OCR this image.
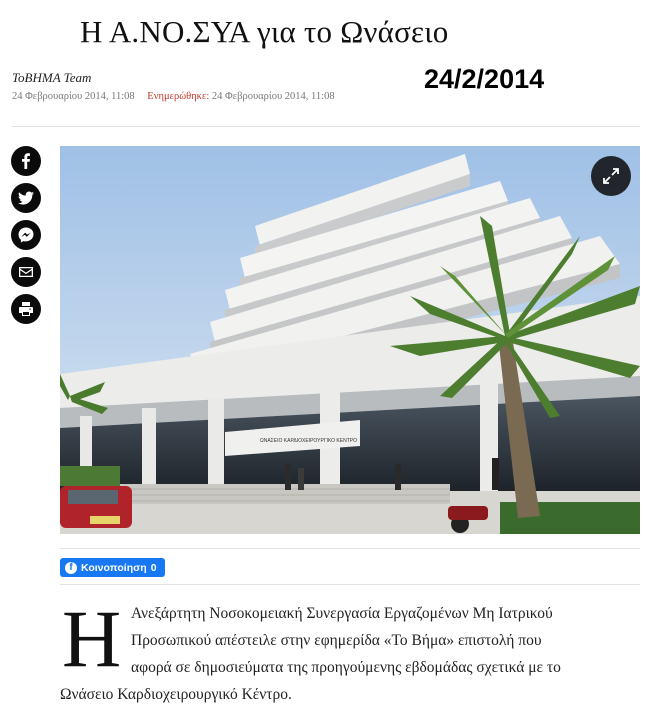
Η Α.ΝΟ.ΣΥΑ για το Ωνάσειο
24/2/2014
ToBHMA Team
24 Φεβρουαρίου 2014, 11:08 Ενημερώθηκε: 24 Φεβρουαρίου 2014, 11:08
ΩΝΑΣΕΙΟ ΚΑΡΔΙΟΧΕΙΡΟΥΡΓΙΚΟ ΚΕΝΤΡΟ
f Κοινοποίηση 0
Η Ανεξάρτητη Νοσοκομειακή Συνεργασία Εργαζομένων Μη Ιατρικού
Προσωπικού απέστειλε στην εφημερίδα «Το Βήμα» επιστολή που
αφορά σε δημοσιεύματα της προηγούμενης εβδομάδας σχετικά με το
Ωνάσειο Καρδιοχειρουργικό Κέντρο.
